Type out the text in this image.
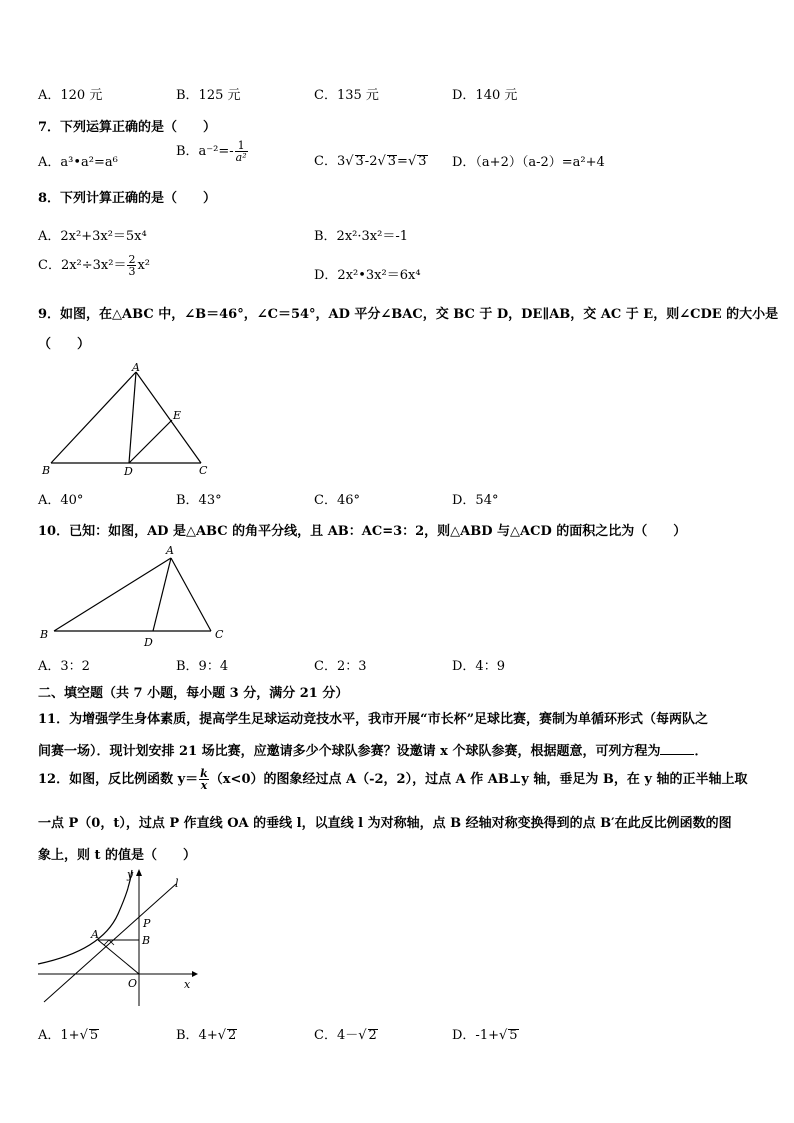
A．120 元	B．125 元	C．135 元	D．140 元
7．下列运算正确的是（　　）
A．a³•a²=a⁶
B．$a^{-2}=- \frac{1}{\text{a²}}$	C．3√ 3-2√ 3=√ 3 D．（a+2）（a-2）=a²+4
8．下列计算正确的是（　　）
A．2x²+3x²＝5x⁴	B．2x²·3x²＝-1
C．$2x^2\div 3x^2= \frac{2}{3} x^2$
D．2x²•3x²＝6x⁴
9．如图，在△ABC 中，∠B＝46°，∠C＝54°，AD 平分∠BAC，交 BC 于 D，DE∥AB，交 AC 于 E，则∠CDE 的大小是
（　　）
A
B	C
D
E
A．40°	B．43°	C．46°	D．54°
10．已知：如图，AD 是△ABC 的角平分线，且 AB：AC=3：2，则△ABD 与△ACD 的面积之比为（　　）
A
B	C
D
A．3：2	B．9：4	C．2：3	D．4：9
二、填空题（共 7 小题，每小题 3 分，满分 21 分）
11．为增强学生身体素质，提高学生足球运动竞技水平，我市开展“市长杯”足球比赛，赛制为单循环形式（每两队之
间赛一场）．现计划安排 21 场比赛，应邀请多少个球队参赛？设邀请 x 个球队参赛，根据题意，可列方程为	．
12．如图，反比例函数 $y= \frac{k}{x} (x<0)$的图象经过点 A（-2，2），过点 A 作 AB⊥y 轴，垂足为 B，在 y 轴的正半轴上取
一点 P（0，t），过点 P 作直线 OA 的垂线 l，以直线 l 为对称轴，点 B 经轴对称变换得到的点 B′在此反比例函数的图
象上，则 t 的值是（　　）
y
l
P
A	B
O	x
A．1+√ 5	B．4+√ 2	C．4－√ 2	D．-1+√ 5
